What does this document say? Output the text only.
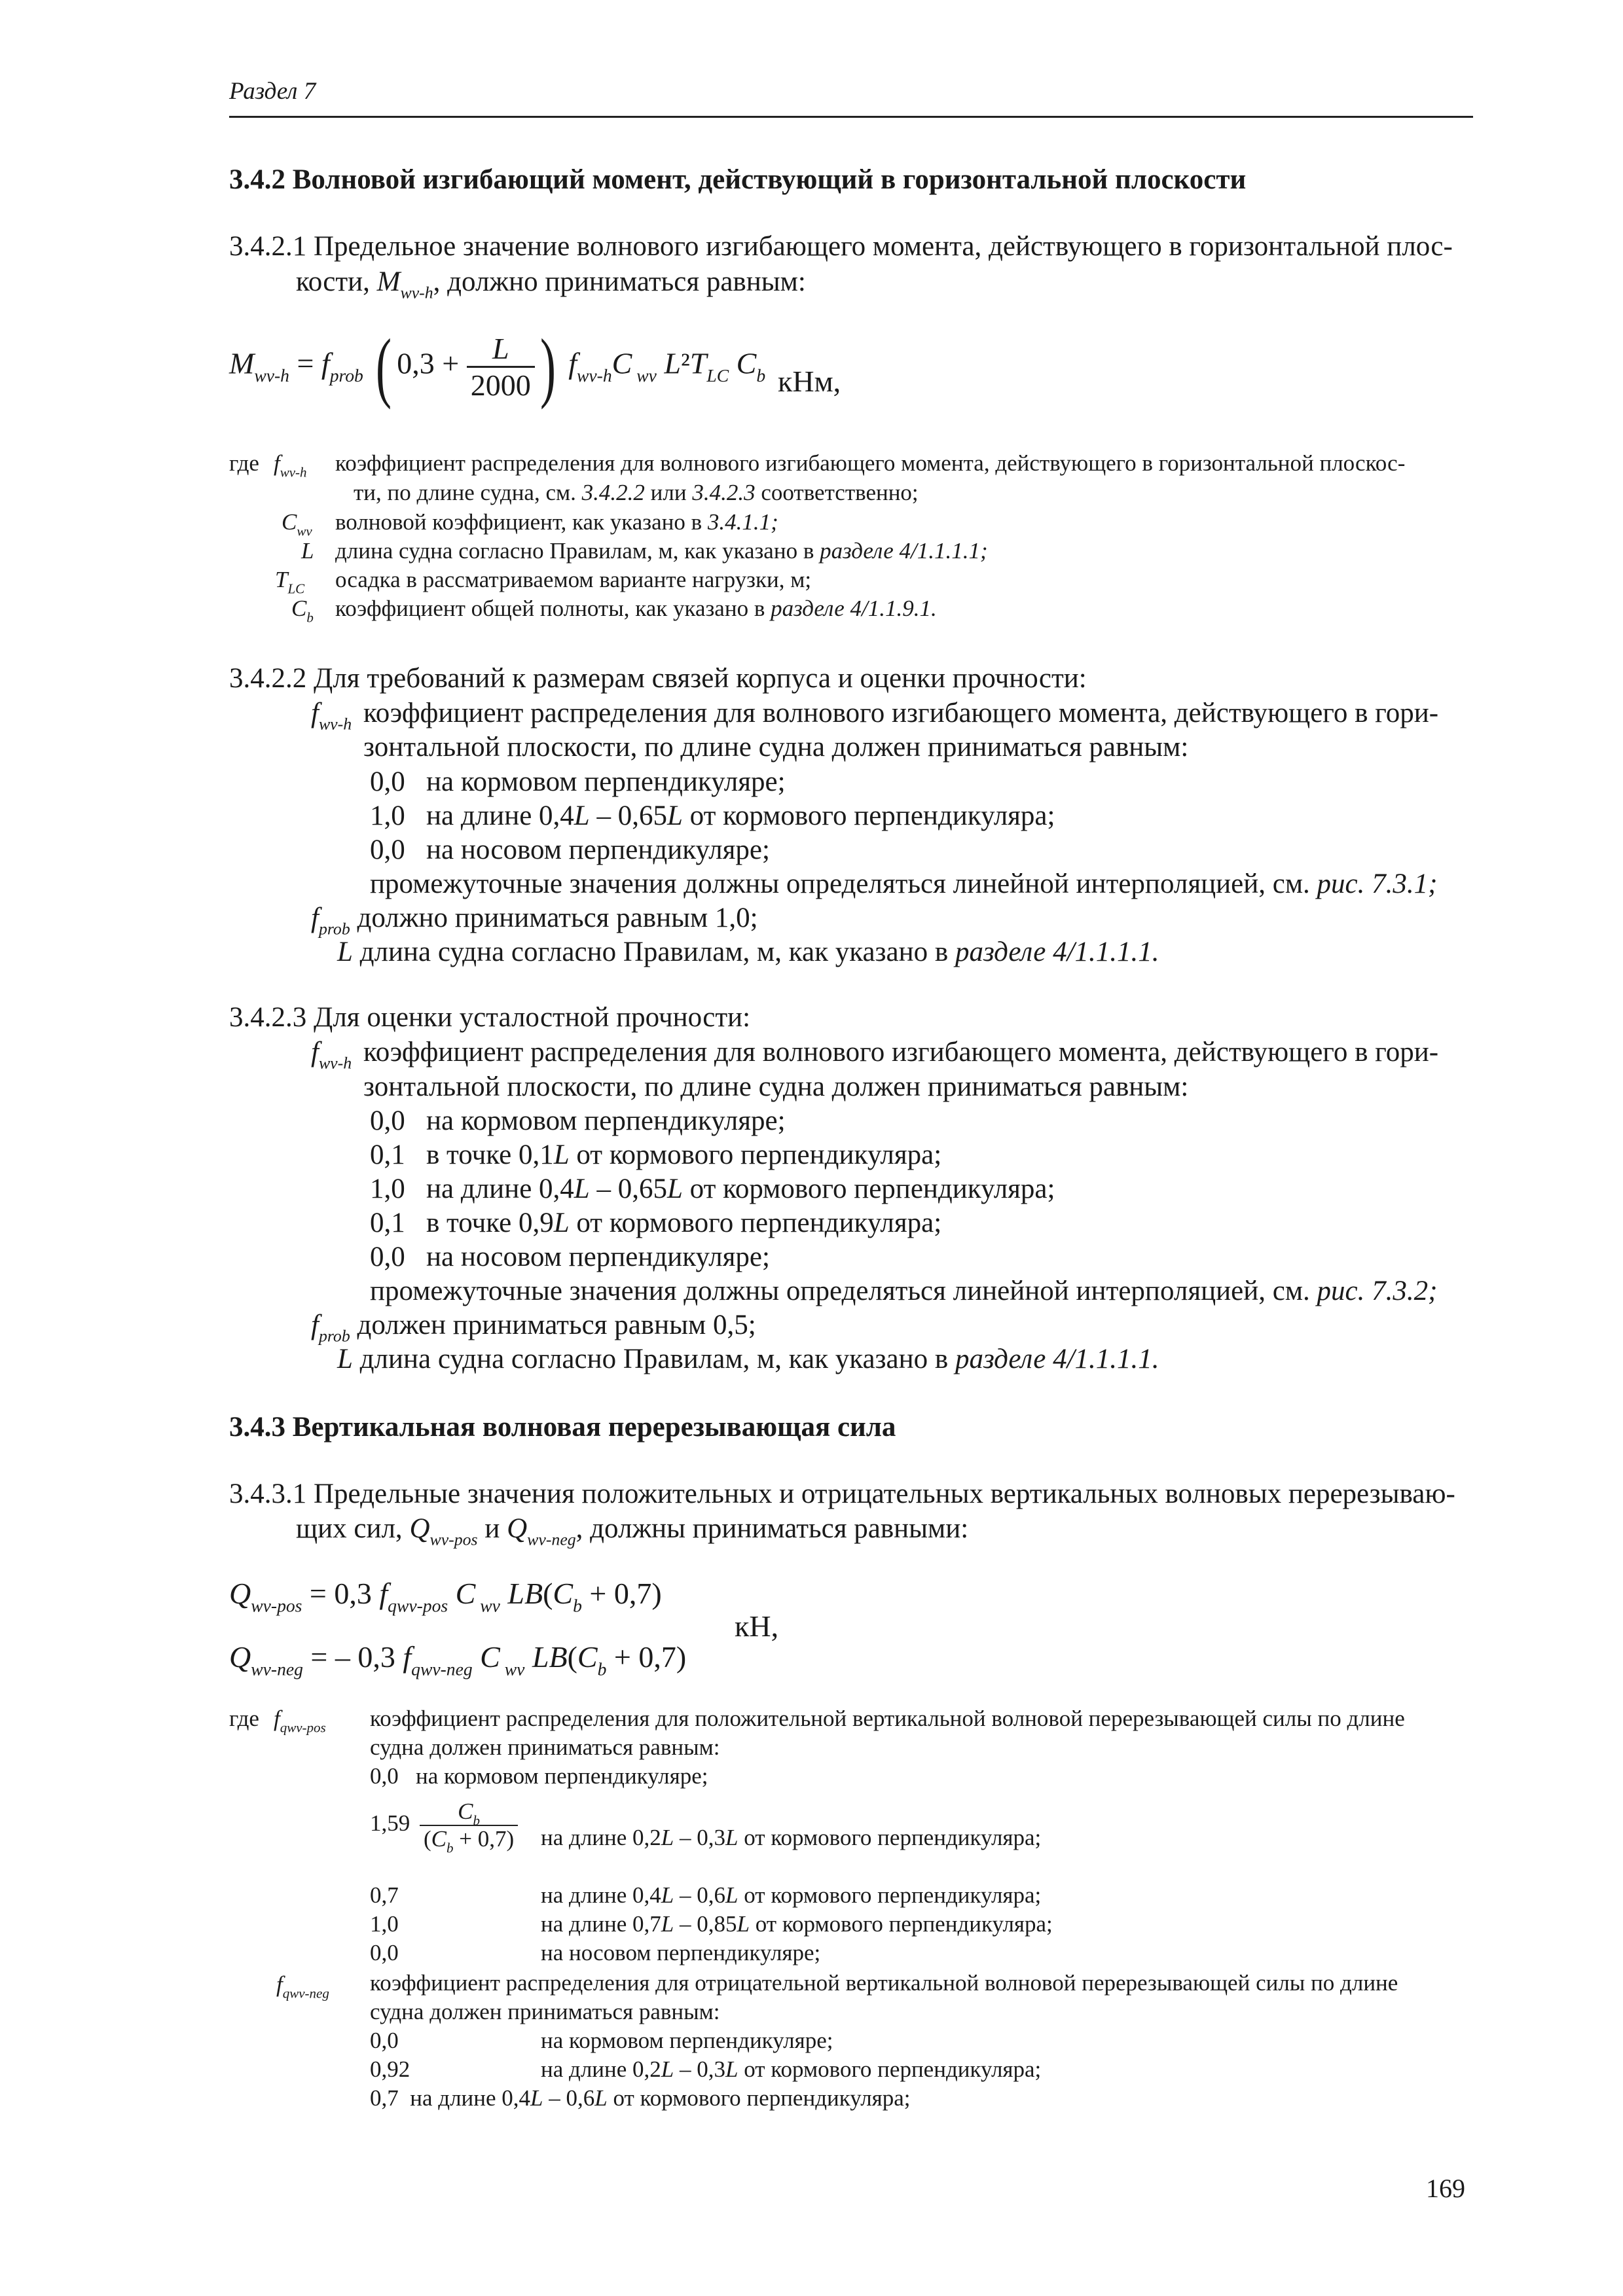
Раздел 7
3.4.2 Волновой изгибающий момент, действующий в горизонтальной плоскости
3.4.2.1 Предельное значение волнового изгибающего момента, действующего в горизонтальной плос-
кости, $M_{wv-h}$, должно приниматься равным:
$M_{wv-h} = f_{prob}$ ( $0,3 + \frac{L}{2000}$ ) $f_{wv-h}C$ $_{wv}$ $L^2T_{LC}$ $C_b$ кНм,
где $f_{wv-h}$ коэффициент распределения для волнового изгибающего момента, действующего в горизонтальной плоскос-
ти, по длине судна, см. 3.4.2.2 или 3.4.2.3 соответственно;
$C_{wv}$ волновой коэффициент, как указано в 3.4.1.1;
L длина судна согласно Правилам, м, как указано в разделе 4/1.1.1.1;
$T_{LC}$ осадка в рассматриваемом варианте нагрузки, м;
$C_b$ коэффициент общей полноты, как указано в разделе 4/1.1.9.1.
3.4.2.2 Для требований к размерам связей корпуса и оценки прочности:
$f_{wv-h}$ коэффициент распределения для волнового изгибающего момента, действующего в гори-
зонтальной плоскости, по длине судна должен приниматься равным:
0,0 на кормовом перпендикуляре;
1,0 на длине 0,4L – 0,65L от кормового перпендикуляра;
0,0 на носовом перпендикуляре;
промежуточные значения должны определяться линейной интерполяцией, см. рис. 7.3.1;
$f_{prob}$ должно приниматься равным 1,0;
L длина судна согласно Правилам, м, как указано в разделе 4/1.1.1.1.
3.4.2.3 Для оценки усталостной прочности:
$f_{wv-h}$ коэффициент распределения для волнового изгибающего момента, действующего в гори-
зонтальной плоскости, по длине судна должен приниматься равным:
0,0 на кормовом перпендикуляре;
0,1 в точке 0,1L от кормового перпендикуляра;
1,0 на длине 0,4L – 0,65L от кормового перпендикуляра;
0,1 в точке 0,9L от кормового перпендикуляра;
0,0 на носовом перпендикуляре;
промежуточные значения должны определяться линейной интерполяцией, см. рис. 7.3.2;
$f_{prob}$ должен приниматься равным 0,5;
L длина судна согласно Правилам, м, как указано в разделе 4/1.1.1.1.
3.4.3 Вертикальная волновая перерезывающая сила
3.4.3.1 Предельные значения положительных и отрицательных вертикальных волновых перерезываю-
щих сил, $Q_{wv-pos}$ и $Q_{wv-neg}$, должны приниматься равными:
$Q_{wv-pos} = 0,3$ $f_{qwv-pos}$ C $_{wv}$ $LB(C_b + 0,7)$
кН,
$Q_{wv-neg}$ = – 0,3 $f_{qwv-neg}$ C $_{wv}$ $LB(C_b + 0,7)$
где $f_{qwv-pos}$ коэффициент распределения для положительной вертикальной волновой перерезывающей силы по длине
судна должен приниматься равным:
0,0 на кормовом перпендикуляре;
$1,59 \frac{C_b}{(C_b + 0,7)}$ на длине 0,2L – 0,3L от кормового перпендикуляра;
0,7	на длине 0,4L – 0,6L от кормового перпендикуляра;
1,0	на длине 0,7L – 0,85L от кормового перпендикуляра;
0,0	на носовом перпендикуляре;
$f_{qwv-neg}$ коэффициент распределения для отрицательной вертикальной волновой перерезывающей силы по длине
судна должен приниматься равным:
0,0	на кормовом перпендикуляре;
0,92	на длине 0,2L – 0,3L от кормового перпендикуляра;
0,7 на длине 0,4L – 0,6L от кормового перпендикуляра;
169
